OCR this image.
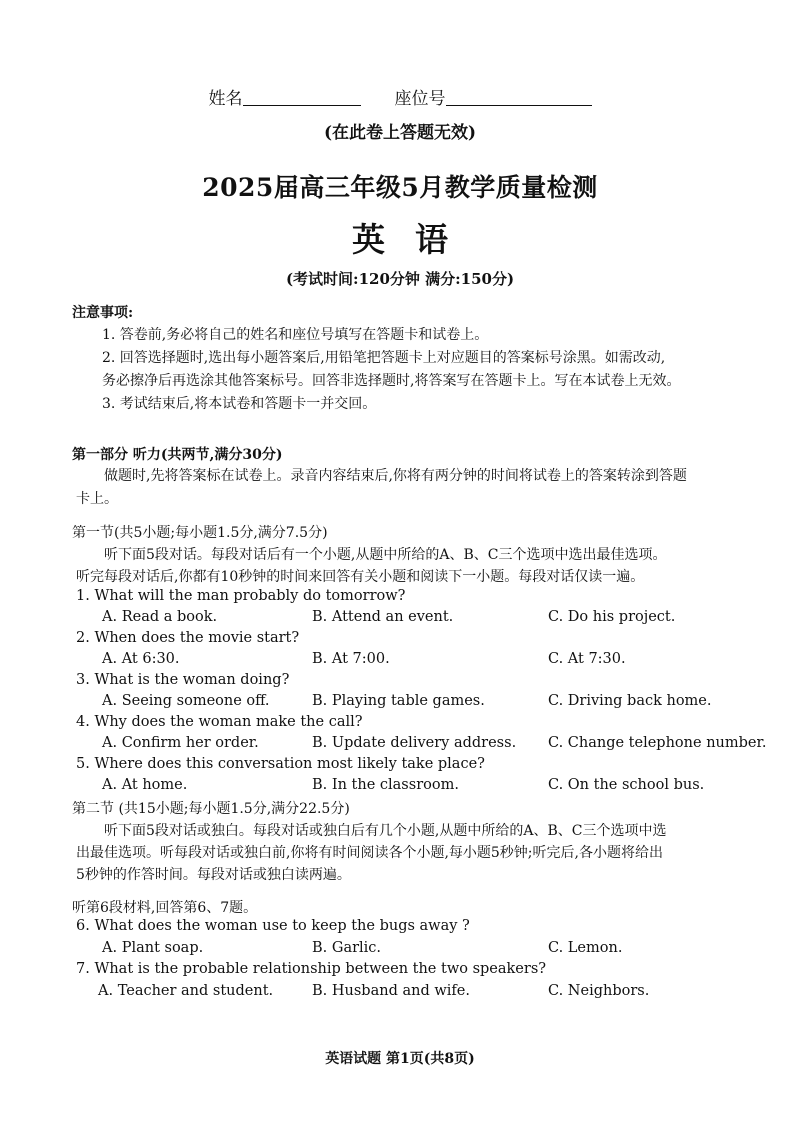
姓名	座位号
(在此卷上答题无效)
2025届高三年级5月教学质量检测
英语
(考试时间:120分钟 满分:150分)
注意事项:
1. 答卷前,务必将自己的姓名和座位号填写在答题卡和试卷上。
2. 回答选择题时,选出每小题答案后,用铅笔把答题卡上对应题目的答案标号涂黑。如需改动,
务必擦净后再选涂其他答案标号。回答非选择题时,将答案写在答题卡上。写在本试卷上无效。
3. 考试结束后,将本试卷和答题卡一并交回。
第一部分 听力(共两节,满分30分)
做题时,先将答案标在试卷上。录音内容结束后,你将有两分钟的时间将试卷上的答案转涂到答题
卡上。
第一节(共5小题;每小题1.5分,满分7.5分)
听下面5段对话。每段对话后有一个小题,从题中所给的A、B、C三个选项中选出最佳选项。
听完每段对话后,你都有10秒钟的时间来回答有关小题和阅读下一小题。每段对话仅读一遍。
1. What will the man probably do tomorrow?
A. Read a book.	B. Attend an event.	C. Do his project.
2. When does the movie start?
A. At 6:30.	B. At 7:00.	C. At 7:30.
3. What is the woman doing?
A. Seeing someone off.	B. Playing table games.	C. Driving back home.
4. Why does the woman make the call?
A. Confirm her order.	B. Update delivery address. C. Change telephone number.
5. Where does this conversation most likely take place?
A. At home.	B. In the classroom.	C. On the school bus.
第二节 (共15小题;每小题1.5分,满分22.5分)
听下面5段对话或独白。每段对话或独白后有几个小题,从题中所给的A、B、C三个选项中选
出最佳选项。听每段对话或独白前,你将有时间阅读各个小题,每小题5秒钟;听完后,各小题将给出
5秒钟的作答时间。每段对话或独白读两遍。
听第6段材料,回答第6、7题。
6. What does the woman use to keep the bugs away ?
A. Plant soap.	B. Garlic.	C. Lemon.
7. What is the probable relationship between the two speakers?
A. Teacher and student.	B. Husband and wife.	C. Neighbors.
英语试题 第1页(共8页)
